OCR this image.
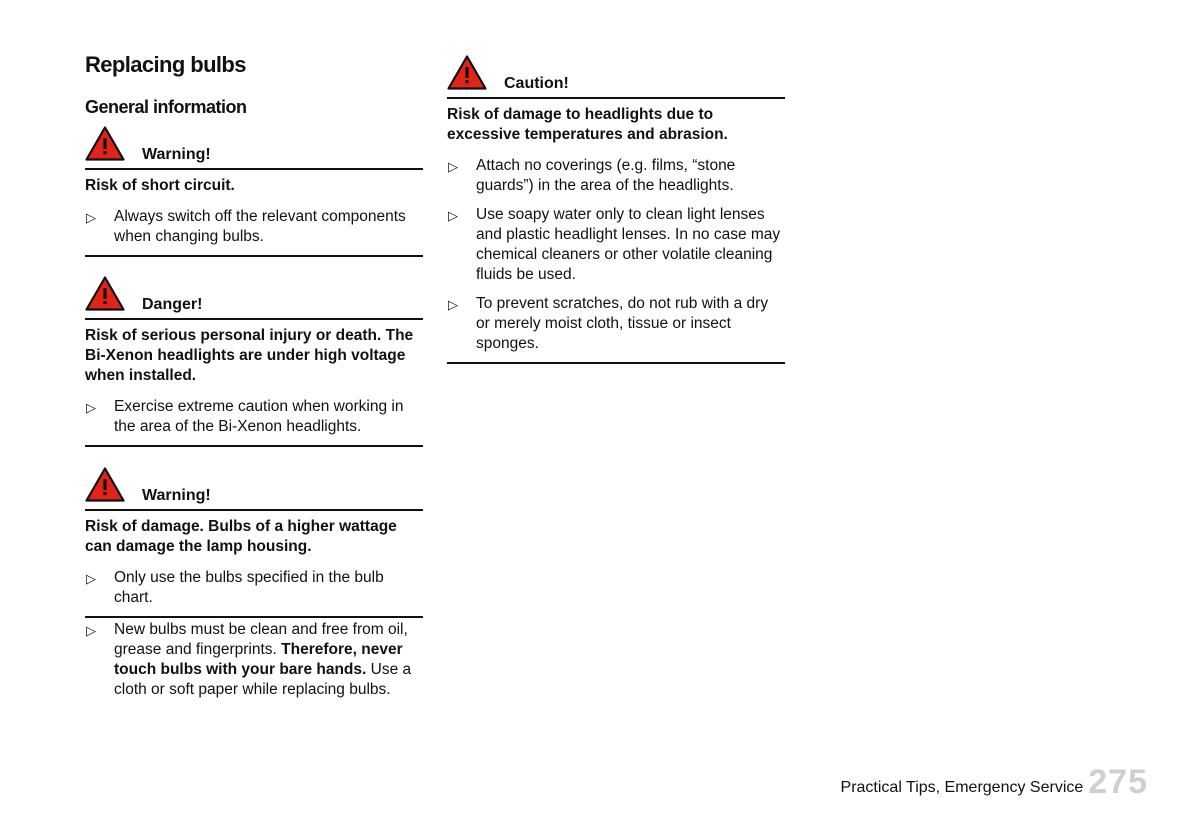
Replacing bulbs
General information
Warning!
Risk of short circuit.
▷ Always switch off the relevant components when changing bulbs.
Danger!
Risk of serious personal injury or death. The Bi-Xenon headlights are under high voltage when installed.
▷ Exercise extreme caution when working in the area of the Bi-Xenon headlights.
Warning!
Risk of damage. Bulbs of a higher wattage can damage the lamp housing.
▷ Only use the bulbs specified in the bulb chart.
▷ New bulbs must be clean and free from oil, grease and fingerprints. Therefore, never touch bulbs with your bare hands. Use a cloth or soft paper while replacing bulbs.
Caution!
Risk of damage to headlights due to excessive temperatures and abrasion.
▷ Attach no coverings (e.g. films, “stone guards”) in the area of the headlights.
▷ Use soapy water only to clean light lenses and plastic headlight lenses. In no case may chemical cleaners or other volatile cleaning fluids be used.
▷ To prevent scratches, do not rub with a dry or merely moist cloth, tissue or insect sponges.
Practical Tips, Emergency Service 275
